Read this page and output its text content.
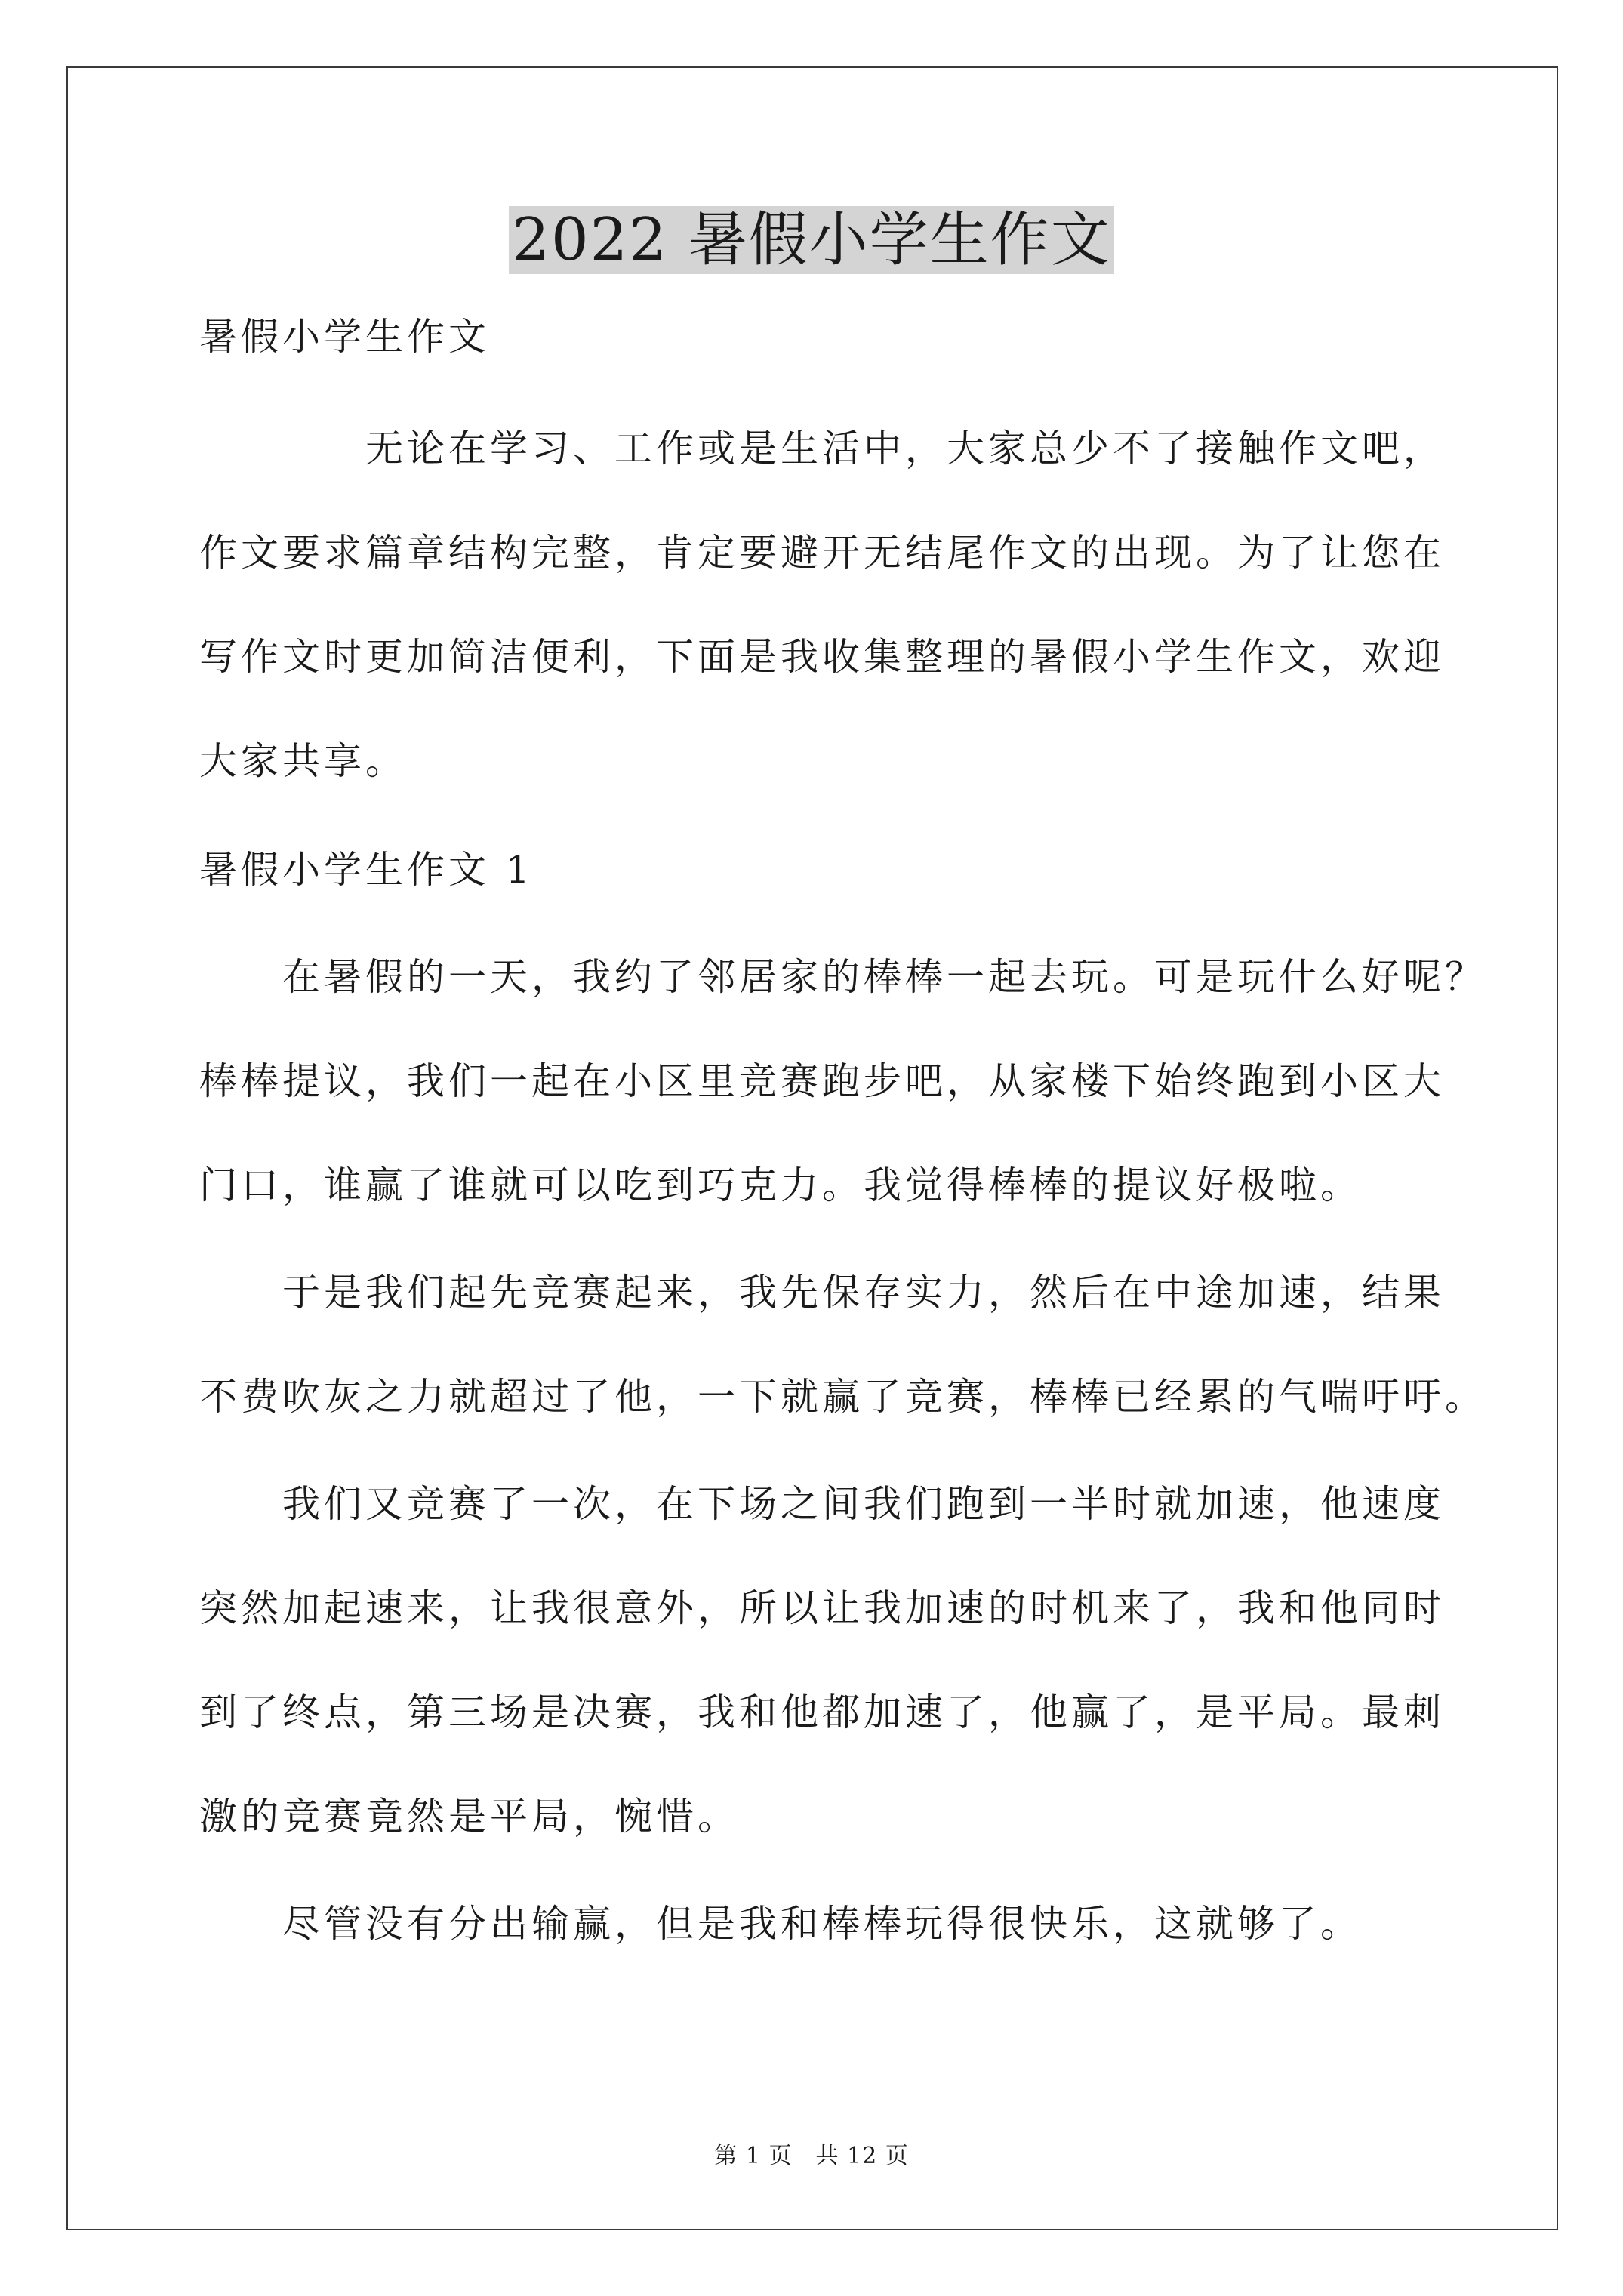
2022 暑假小学生作文
暑假小学生作文
　　　　无论在学习、工作或是生活中，大家总少不了接触作文吧，
作文要求篇章结构完整，肯定要避开无结尾作文的出现。为了让您在
写作文时更加简洁便利，下面是我收集整理的暑假小学生作文，欢迎
大家共享。
暑假小学生作文 1
　　在暑假的一天，我约了邻居家的棒棒一起去玩。可是玩什么好呢？
棒棒提议，我们一起在小区里竞赛跑步吧，从家楼下始终跑到小区大
门口，谁赢了谁就可以吃到巧克力。我觉得棒棒的提议好极啦。
　　于是我们起先竞赛起来，我先保存实力，然后在中途加速，结果
不费吹灰之力就超过了他，一下就赢了竞赛，棒棒已经累的气喘吁吁。
　　我们又竞赛了一次，在下场之间我们跑到一半时就加速，他速度
突然加起速来，让我很意外，所以让我加速的时机来了，我和他同时
到了终点，第三场是决赛，我和他都加速了，他赢了，是平局。最刺
激的竞赛竟然是平局，惋惜。
　　尽管没有分出输赢，但是我和棒棒玩得很快乐，这就够了。
第 1 页　共 12 页
